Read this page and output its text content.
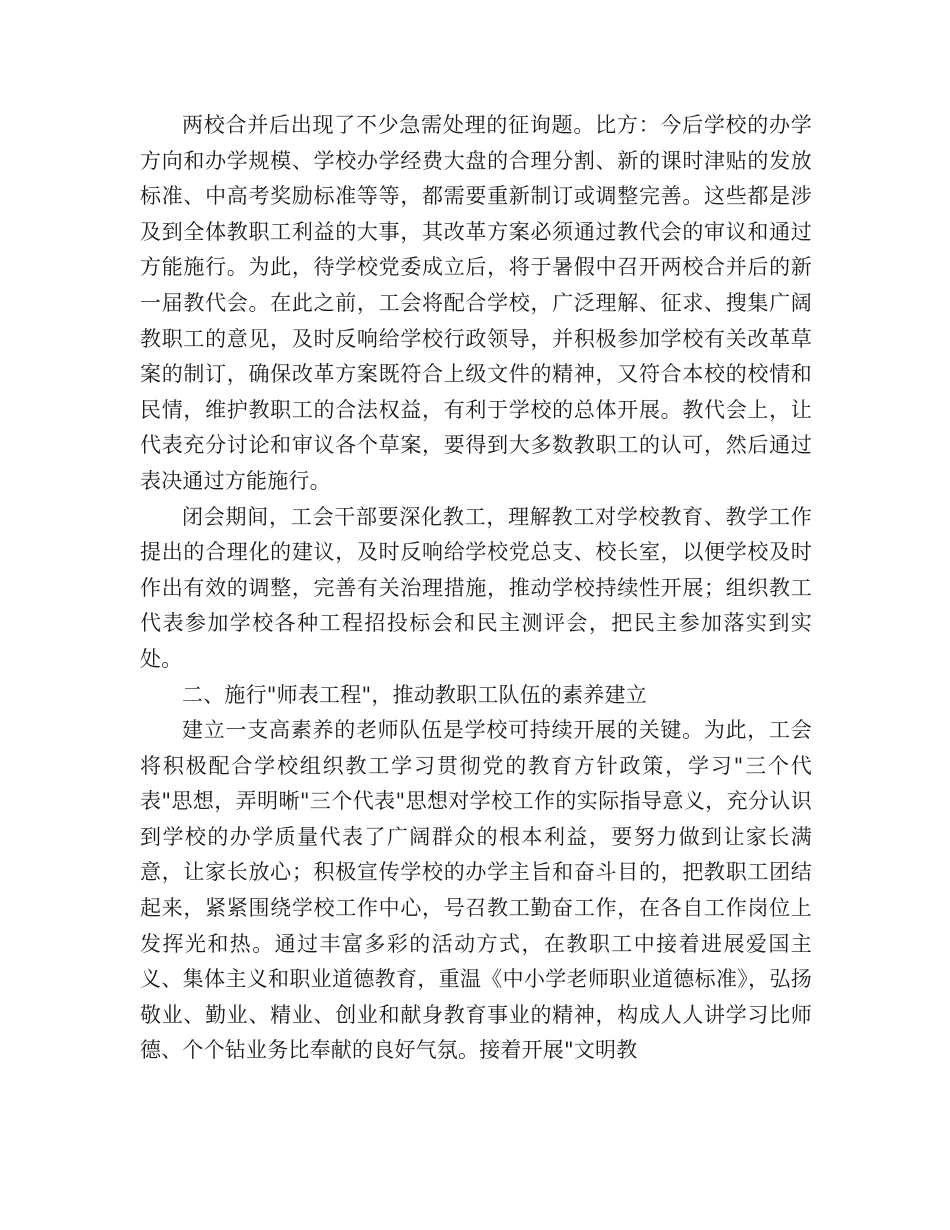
两校合并后出现了不少急需处理的征询题。比方：今后学校的办学方向和办学规模、学校办学经费大盘的合理分割、新的课时津贴的发放标准、中高考奖励标准等等，都需要重新制订或调整完善。这些都是涉及到全体教职工利益的大事，其改革方案必须通过教代会的审议和通过方能施行。为此，待学校党委成立后，将于暑假中召开两校合并后的新一届教代会。在此之前，工会将配合学校，广泛理解、征求、搜集广阔教职工的意见，及时反响给学校行政领导，并积极参加学校有关改革草案的制订，确保改革方案既符合上级文件的精神，又符合本校的校情和民情，维护教职工的合法权益，有利于学校的总体开展。教代会上，让代表充分讨论和审议各个草案，要得到大多数教职工的认可，然后通过表决通过方能施行。

闭会期间，工会干部要深化教工，理解教工对学校教育、教学工作提出的合理化的建议，及时反响给学校党总支、校长室，以便学校及时作出有效的调整，完善有关治理措施，推动学校持续性开展；组织教工代表参加学校各种工程招投标会和民主测评会，把民主参加落实到实处。

二、施行"师表工程"，推动教职工队伍的素养建立

建立一支高素养的老师队伍是学校可持续开展的关键。为此，工会将积极配合学校组织教工学习贯彻党的教育方针政策，学习"三个代表"思想，弄明晰"三个代表"思想对学校工作的实际指导意义，充分认识到学校的办学质量代表了广阔群众的根本利益，要努力做到让家长满意，让家长放心；积极宣传学校的办学主旨和奋斗目的，把教职工团结起来，紧紧围绕学校工作中心，号召教工勤奋工作，在各自工作岗位上发挥光和热。通过丰富多彩的活动方式，在教职工中接着进展爱国主义、集体主义和职业道德教育，重温《中小学老师职业道德标准》，弘扬敬业、勤业、精业、创业和献身教育事业的精神，构成人人讲学习比师德、个个钻业务比奉献的良好气氛。接着开展"文明教
